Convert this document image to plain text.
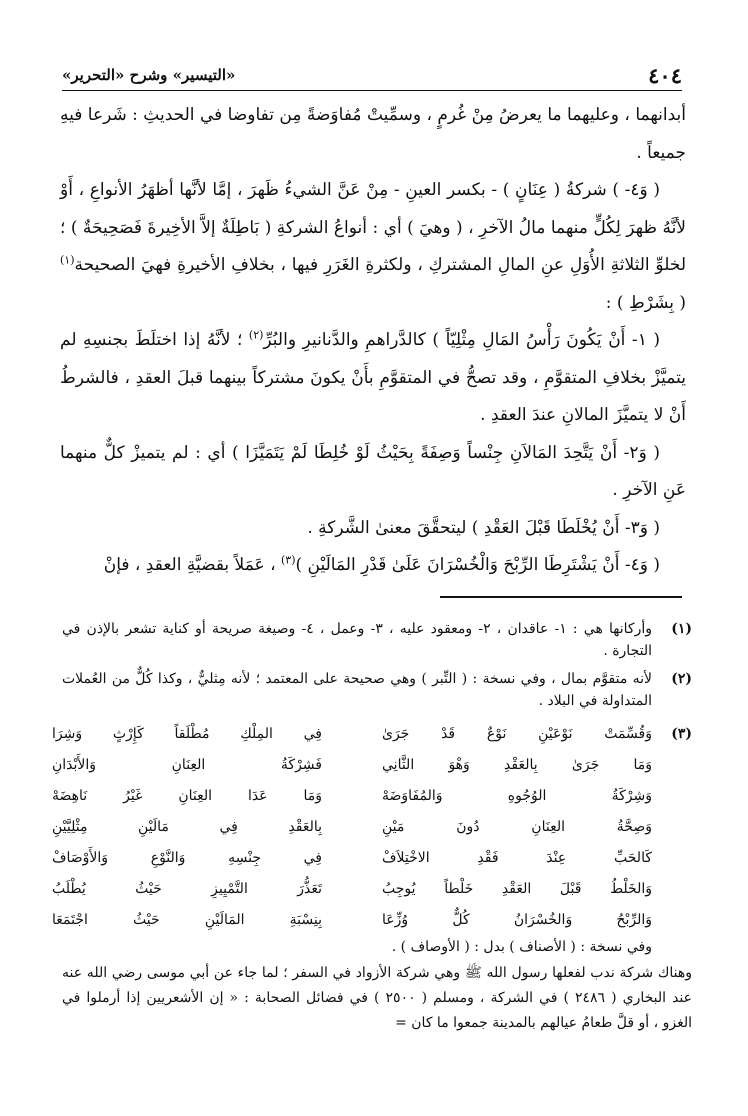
٤٠٤
«التيسير» وشرح «التحرير»

أبدانهما ، وعليهما ما يعرضُ مِنْ غُرمٍ ، وسمِّيتْ مُفاوَضةً مِن تفاوضا في الحديثِ : شَرعا فيهِ جميعاً .

( وَ٤- ) شركةُ ( عِنَانٍ ) - بكسر العينِ - مِنْ عَنَّ الشيءُ ظَهرَ ، إمَّا لأنَّها أظهَرُ الأنواعِ ، أَوْ لأنَّهُ ظهرَ لِكُلٍّ منهما مالُ الآخرِ ، ( وهيَ ) أي : أنواعُ الشركةِ ( بَاطِلَةٌ إلاَّ الأخِيرةَ فَصَحِيحَةٌ ) ؛ لخلوِّ الثلاثةِ الأُوَلِ عنِ المالِ المشتركِ ، ولكثرةِ الغَرَرِ فيها ، بخلافِ الأخيرةِ فهيَ الصحيحة$^{(١)}$ ( بِشَرْطِ ) :

( ١- أَنْ يَكُونَ رَأْسُ المَالِ مِثْلِيّاً ) كالدَّراهمِ والدَّنانيرِ والبُرِّ$^{(٢)}$ ؛ لأنَّهُ إذا اختلَطَ بجنسِهِ لم يتميَّزْ بخلافِ المتقوَّمِ ، وقد تصحُّ في المتقوَّمِ بأَنْ يكونَ مشتركاً بينهما قبلَ العقدِ ، فالشرطُ أَنْ لا يتميَّزَ المالانِ عندَ العقدِ .

( وَ٢- أَنْ يَتَّحِدَ المَالاَنِ جِنْساً وَصِفَةً بِحَيْثُ لَوْ خُلِطَا لَمْ يَتَمَيَّزَا ) أي : لم يتميزْ كلٌّ منهما عَنِ الآخرِ .

( وَ٣- أَنْ يُخْلَطَا قَبْلَ العَقْدِ ) ليتحقَّقَ معنىٰ الشَّركةِ .

( وَ٤- أَنْ يَشْتَرِطَا الرِّبْحَ وَالْخُسْرَانَ عَلَىٰ قَدْرِ المَالَيْنِ )$^{(٣)}$ ، عَمَلاً بقضيَّةِ العقدِ ، فإنْ

(١)
وأركانها هي : ١- عاقدان ، ٢- ومعقود عليه ، ٣- وعمل ، ٤- وصيغة صريحة أو كناية تشعر بالإذن في التجارة .
(٢)
لأنه متقوَّم بمال ، وفي نسخة : ( التِّبر ) وهي صحيحة على المعتمد ؛ لأنه مِثليٌّ ، وكذا كُلٌّ من العُملات المتداولة في البلاد .
(٣)
وَقُسِّمَتْ نَوْعَيْنِ نَوْعٌ قَدْ جَرَىٰ
فِي المِلْكِ مُطْلَقاً كَإِرْثٍ وَشِرَا
وَمَا جَرَىٰ بِالعَقْدِ وَهْوَ الثَّانِي
فَشِرْكَةُ العِنَانِ وَالأَبْدَانِ
وَشِرْكَةُ الوُجُوهِ وَالمُفَاوَضَهْ
وَمَا عَدَا العِنَانِ غَيْرُ نَاهِضَهْ
وَصِحَّةُ العِنَانِ دُونَ مَيْنِ
بِالعَقْدِ فِي مَالَيْنِ مِثْلِيَّيْنِ
كَالحَبِّ عِنْدَ فَقْدِ الاخْتِلاَفْ
فِي جِنْسِهِ وَالنَّوْعِ وَالأَوْصَافْ
وَالخَلْطُ قَبْلَ العَقْدِ خَلْطاً يُوجِبُ
تَعَذُّرَ التَّمْيِيزِ حَيْثُ يُطْلَبُ
وَالرِّبْحُ وَالخُسْرَانُ كُلٌّ وُزِّعَا
بِنِسْبَةِ المَالَيْنِ حَيْثُ اجْتَمَعَا
وفي نسخة : ( الأصناف ) بدل : ( الأوصاف ) .
وهناك شركة ندب لفعلها رسول الله ﷺ وهي شركة الأزواد في السفر ؛ لما جاء عن أبي موسى رضي الله عنه عند البخاري ( ٢٤٨٦ ) في الشركة ، ومسلم ( ٢٥٠٠ ) في فضائل الصحابة : « إن الأشعريين إذا أرملوا في الغزو ، أو قلَّ طعامُ عيالهم بالمدينة جمعوا ما كان =
